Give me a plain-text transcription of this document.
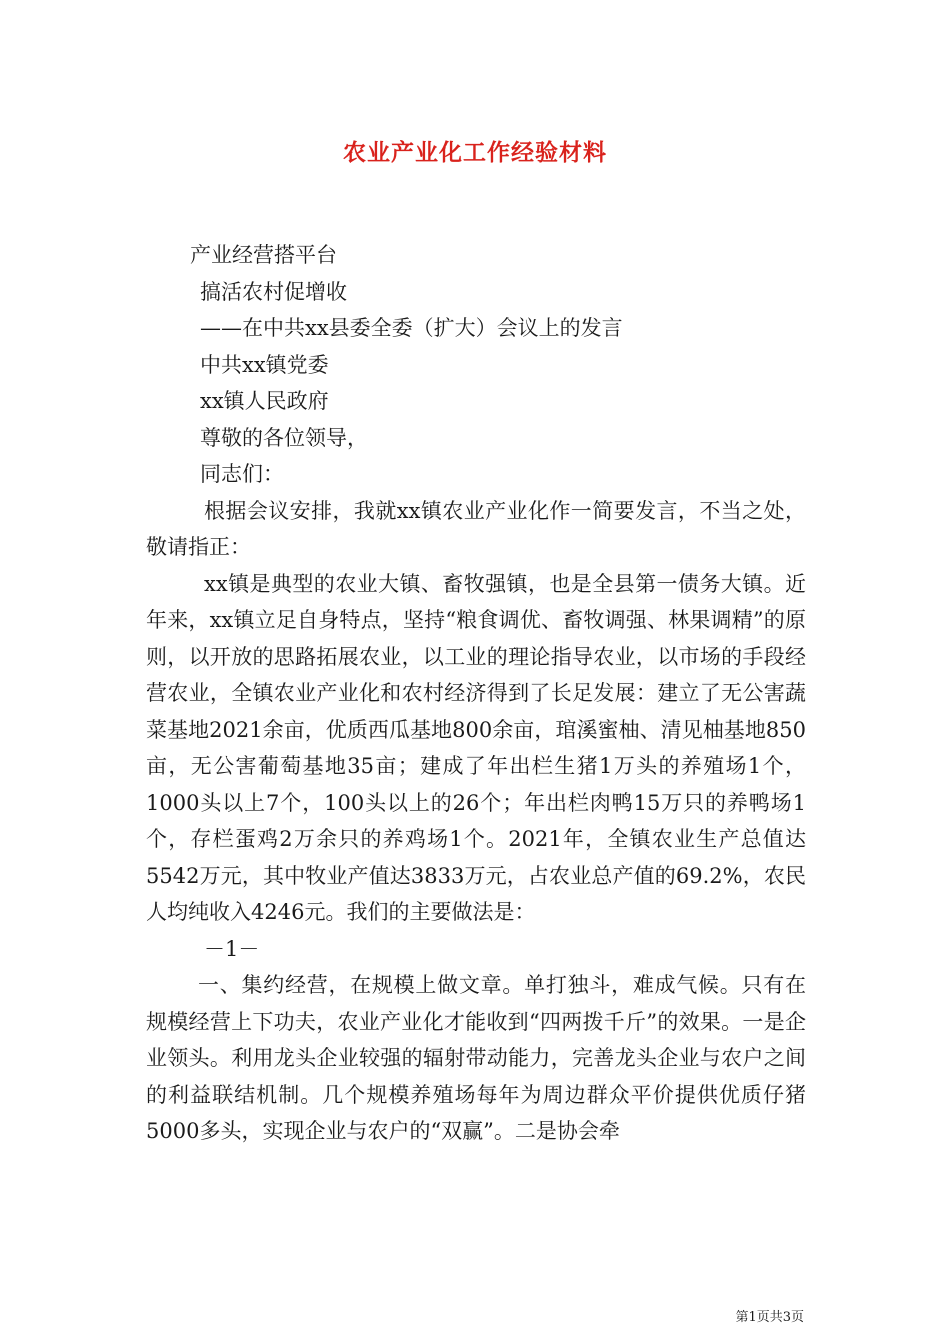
农业产业化工作经验材料
产业经营搭平台
搞活农村促增收
——在中共xx县委全委（扩大）会议上的发言
中共xx镇党委
xx镇人民政府
尊敬的各位领导，
同志们：
根据会议安排，我就xx镇农业产业化作一简要发言，不当之处，敬请指正：
xx镇是典型的农业大镇、畜牧强镇，也是全县第一债务大镇。近年来，xx镇立足自身特点，坚持“粮食调优、畜牧调强、林果调精”的原则，以开放的思路拓展农业，以工业的理论指导农业，以市场的手段经营农业，全镇农业产业化和农村经济得到了长足发展：建立了无公害蔬菜基地2021余亩，优质西瓜基地800余亩，琯溪蜜柚、清见柚基地850亩，无公害葡萄基地35亩；建成了年出栏生猪1万头的养殖场1个，1000头以上7个，100头以上的26个；年出栏肉鸭15万只的养鸭场1个，存栏蛋鸡2万余只的养鸡场1个。2021年，全镇农业生产总值达5542万元，其中牧业产值达3833万元，占农业总产值的69.2%，农民人均纯收入4246元。我们的主要做法是：
－1－
一、集约经营，在规模上做文章。单打独斗，难成气候。只有在规模经营上下功夫，农业产业化才能收到“四两拨千斤”的效果。一是企业领头。利用龙头企业较强的辐射带动能力，完善龙头企业与农户之间的利益联结机制。几个规模养殖场每年为周边群众平价提供优质仔猪5000多头，实现企业与农户的“双赢”。二是协会牵
第1页共3页
